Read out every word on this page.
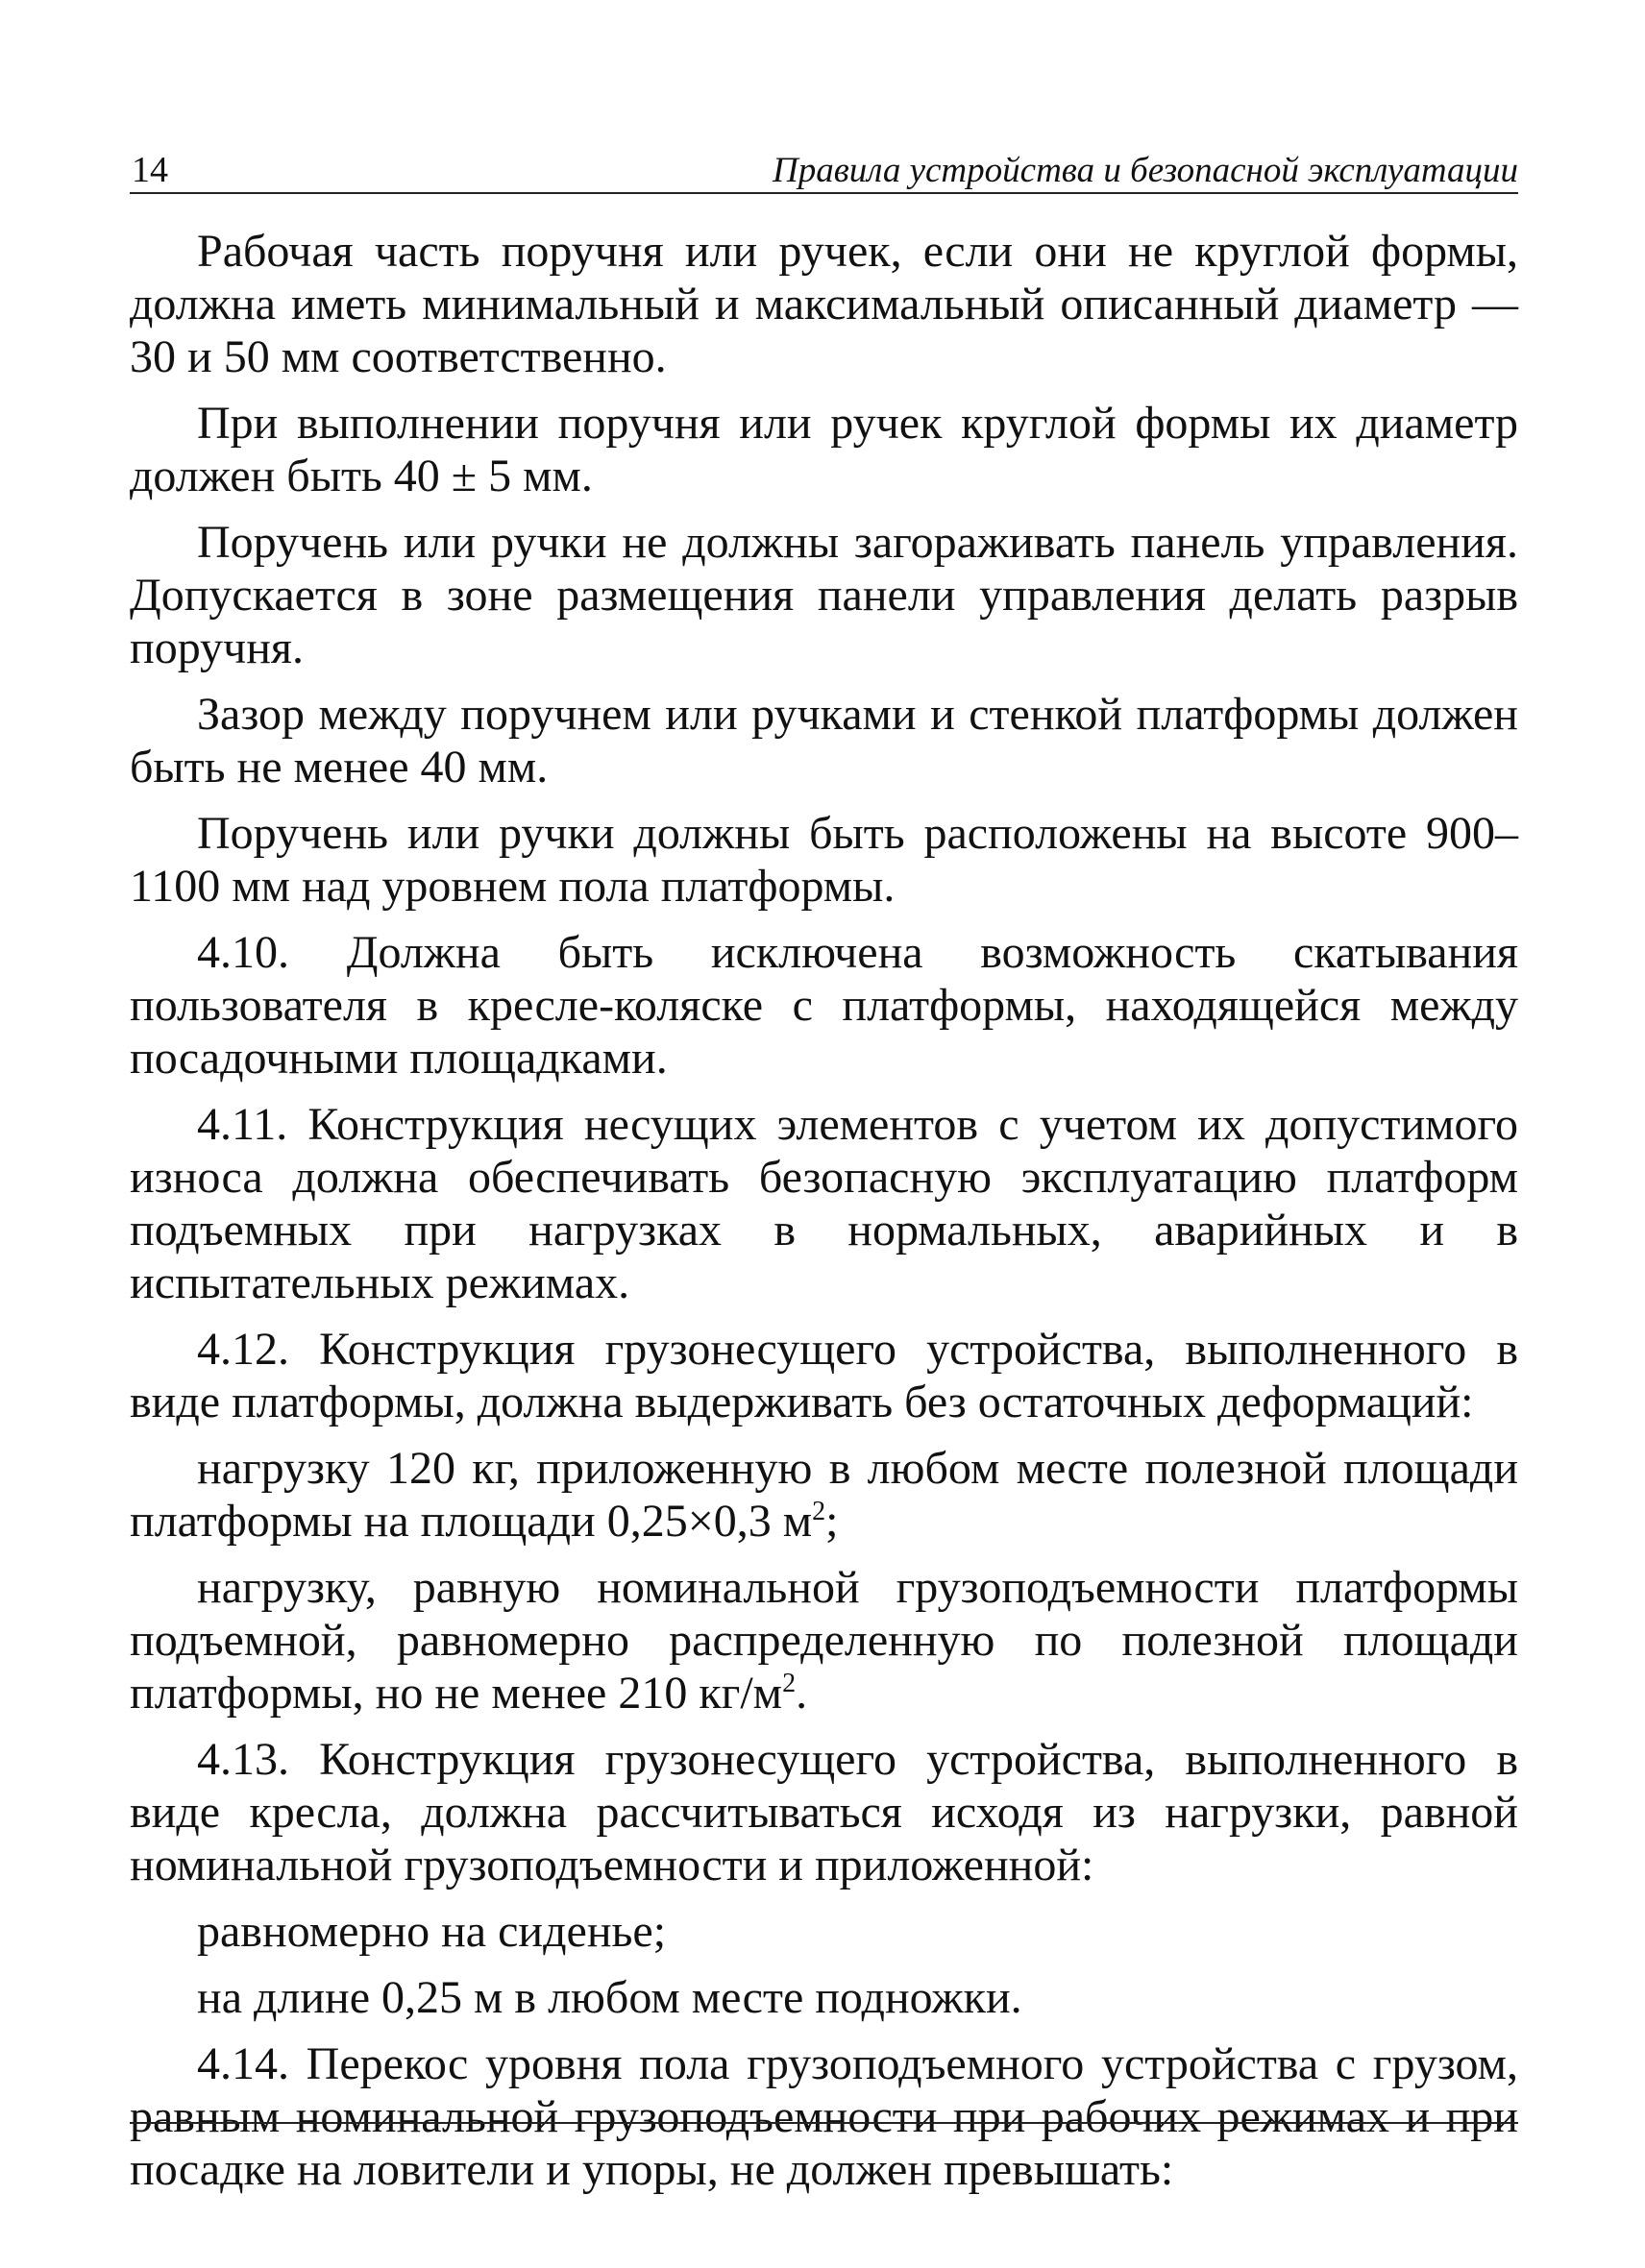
14	Правила устройства и безопасной эксплуатации

Рабочая часть поручня или ручек, если они не круглой формы, должна иметь минимальный и максимальный описанный диаметр — 30 и 50 мм соответственно.

При выполнении поручня или ручек круглой формы их диаметр должен быть 40 ± 5 мм.

Поручень или ручки не должны загораживать панель управления. Допускается в зоне размещения панели управления делать разрыв поручня.

Зазор между поручнем или ручками и стенкой платформы должен быть не менее 40 мм.

Поручень или ручки должны быть расположены на высоте 900–1100 мм над уровнем пола платформы.

4.10. Должна быть исключена возможность скатывания пользователя в кресле-коляске с платформы, находящейся между посадочными площадками.

4.11. Конструкция несущих элементов с учетом их допустимого износа должна обеспечивать безопасную эксплуатацию платформ подъемных при нагрузках в нормальных, аварийных и в испытательных режимах.

4.12. Конструкция грузонесущего устройства, выполненного в виде платформы, должна выдерживать без остаточных деформаций:

нагрузку 120 кг, приложенную в любом месте полезной площади платформы на площади 0,25×0,3 $м^2$;

нагрузку, равную номинальной грузоподъемности платформы подъемной, равномерно распределенную по полезной площади платформы, но не менее 210 $кг/м^2$.

4.13. Конструкция грузонесущего устройства, выполненного в виде кресла, должна рассчитываться исходя из нагрузки, равной номинальной грузоподъемности и приложенной:

равномерно на сиденье;

на длине 0,25 м в любом месте подножки.

4.14. Перекос уровня пола грузоподъемного устройства с грузом, равным номинальной грузоподъемности при рабочих режимах и при посадке на ловители и упоры, не должен превышать:
